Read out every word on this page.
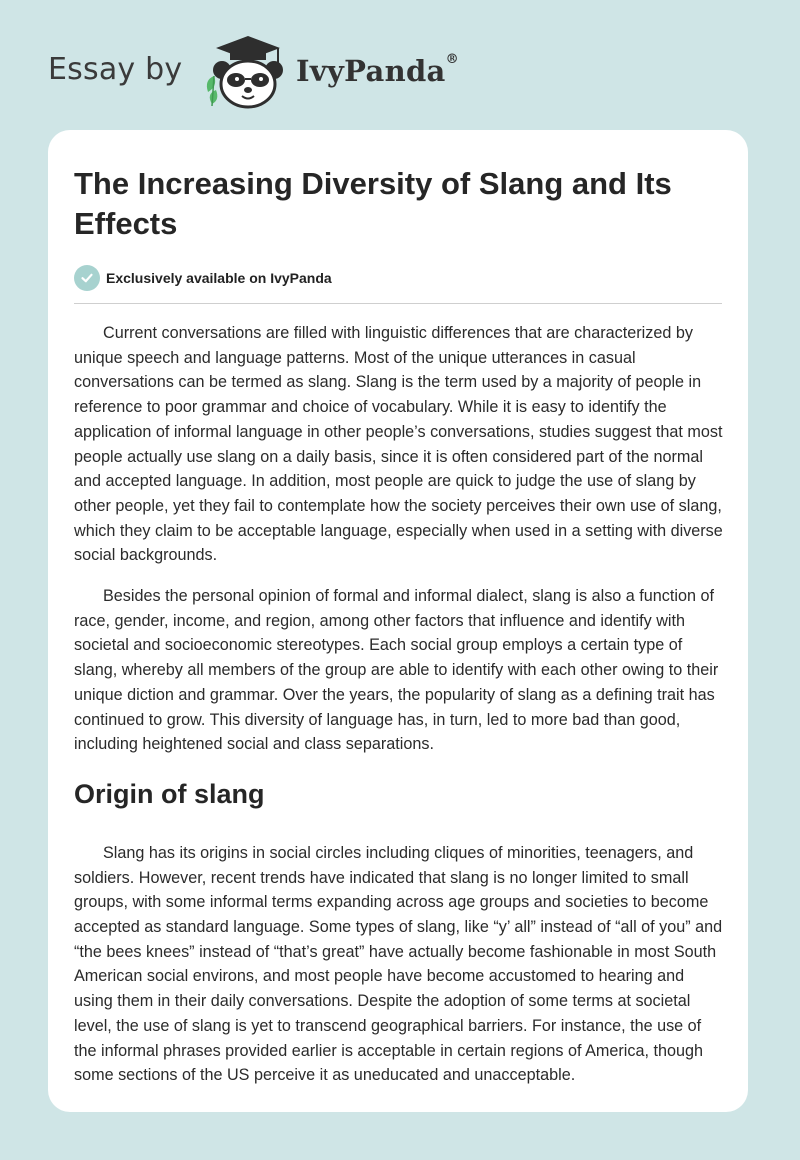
Essay by	IvyPanda®
The Increasing Diversity of Slang and Its Effects
Exclusively available on IvyPanda

Current conversations are filled with linguistic differences that are characterized by unique speech and language patterns. Most of the unique utterances in casual conversations can be termed as slang. Slang is the term used by a majority of people in reference to poor grammar and choice of vocabulary. While it is easy to identify the application of informal language in other people’s conversations, studies suggest that most people actually use slang on a daily basis, since it is often considered part of the normal and accepted language. In addition, most people are quick to judge the use of slang by other people, yet they fail to contemplate how the society perceives their own use of slang, which they claim to be acceptable language, especially when used in a setting with diverse social backgrounds.

Besides the personal opinion of formal and informal dialect, slang is also a function of race, gender, income, and region, among other factors that influence and identify with societal and socioeconomic stereotypes. Each social group employs a certain type of slang, whereby all members of the group are able to identify with each other owing to their unique diction and grammar. Over the years, the popularity of slang as a defining trait has continued to grow. This diversity of language has, in turn, led to more bad than good, including heightened social and class separations.

Origin of slang

Slang has its origins in social circles including cliques of minorities, teenagers, and soldiers. However, recent trends have indicated that slang is no longer limited to small groups, with some informal terms expanding across age groups and societies to become accepted as standard language. Some types of slang, like “y’ all” instead of “all of you” and “the bees knees” instead of “that’s great” have actually become fashionable in most South American social environs, and most people have become accustomed to hearing and using them in their daily conversations. Despite the adoption of some terms at societal level, the use of slang is yet to transcend geographical barriers. For instance, the use of the informal phrases provided earlier is acceptable in certain regions of America, though some sections of the US perceive it as uneducated and unacceptable.
